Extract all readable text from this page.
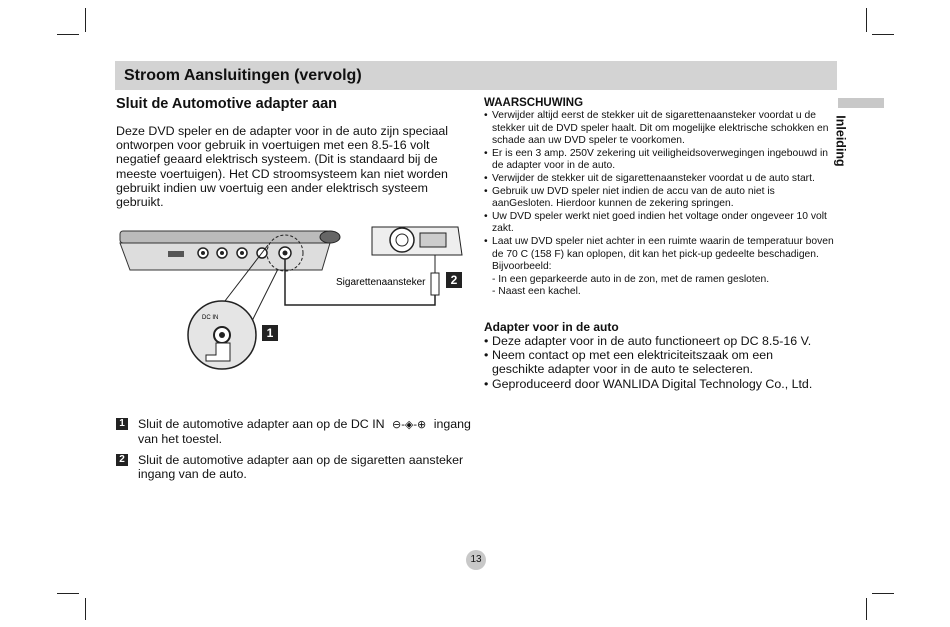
Stroom Aansluitingen (vervolg)
Inleiding
Sluit de Automotive adapter aan

Deze DVD speler en de adapter voor in de auto zijn speciaal ontworpen voor gebruik in voertuigen met een 8.5-16 volt negatief geaard elektrisch systeem. (Dit is standaard bij de meeste voertuigen). Het CD stroomsysteem kan niet worden gebruikt indien uw voertuig een ander elektrisch systeem gebruikt.

DC IN
Sigarettenaansteker 2
1
1 Sluit de automotive adapter aan op de DC IN ⊖-◈-⊕ ingang van het toestel.
2 Sluit de automotive adapter aan op de sigaretten aansteker ingang van de auto.
WAARSCHUWING
• Verwijder altijd eerst de stekker uit de sigarettenaansteker voordat u de stekker uit de DVD speler haalt. Dit om mogelijke elektrische schokken en schade aan uw DVD speler te voorkomen.
• Er is een 3 amp. 250V zekering uit veiligheidsoverwegingen ingebouwd in de adapter voor in de auto.
• Verwijder de stekker uit de sigarettenaansteker voordat u de auto start.
• Gebruik uw DVD speler niet indien de accu van de auto niet is aanGesloten. Hierdoor kunnen de zekering springen.
• Uw DVD speler werkt niet goed indien het voltage onder ongeveer 10 volt zakt.
• Laat uw DVD speler niet achter in een ruimte waarin de temperatuur boven de 70 C (158 F) kan oplopen, dit kan het pick-up gedeelte beschadigen.
Bijvoorbeeld:
- In een geparkeerde auto in de zon, met de ramen gesloten.
- Naast een kachel.
Adapter voor in de auto
• Deze adapter voor in de auto functioneert op DC 8.5-16 V.
• Neem contact op met een elektriciteitszaak om een geschikte adapter voor in de auto te selecteren.
• Geproduceerd door WANLIDA Digital Technology Co., Ltd.
13
